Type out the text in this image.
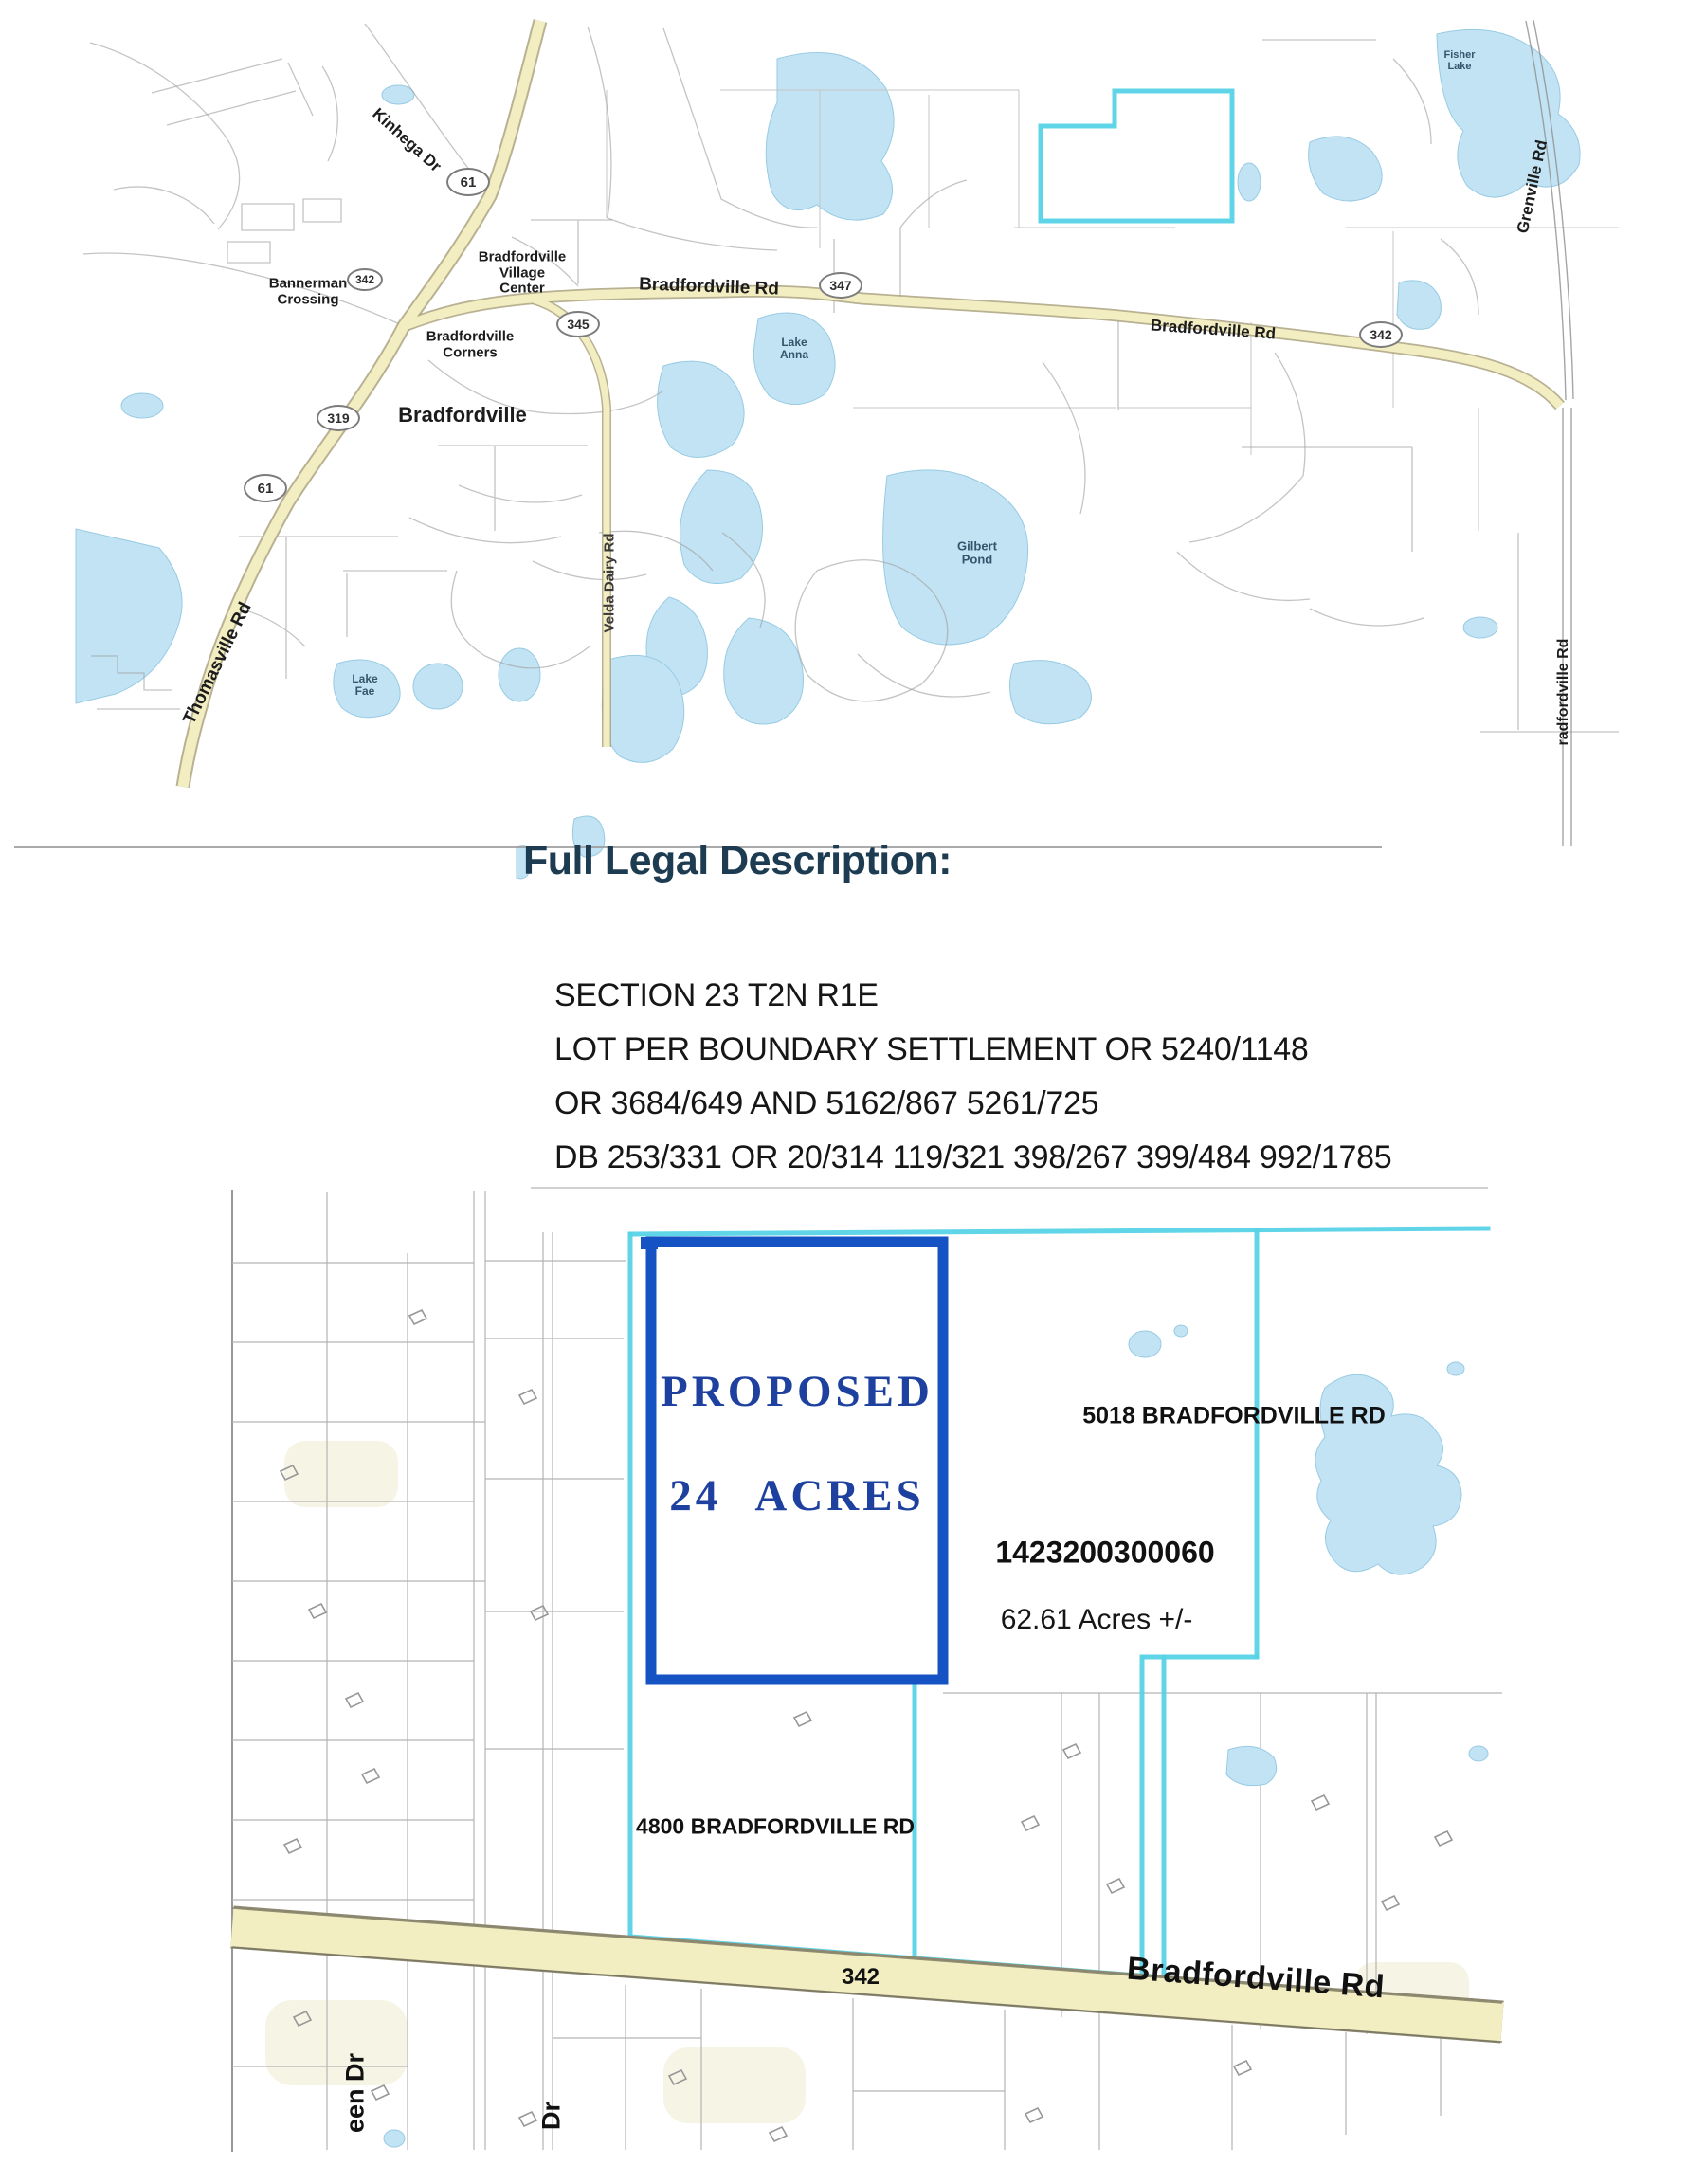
Kinhega Dr
61
Bradfordville
Village
Center
Bannerman
Crossing
342	Bradfordville Rd	347
Bradfordville
Corners
345
Bradfordville
319
61
Thomasville Rd
Velda Dairy Rd
Lake
Anna
Gilbert
Pond
Lake
Fae
Fisher
Lake
Grenville Rd
Bradfordville Rd	342
radfordville Rd
Full Legal Description:
SECTION 23 T2N R1E
LOT PER BOUNDARY SETTLEMENT OR 5240/1148
OR 3684/649 AND 5162/867 5261/725
DB 253/331 OR 20/314 119/321 398/267 399/484 992/1785
PROPOSED
24 ACRES
5018 BRADFORDVILLE RD
1423200300060
62.61 Acres +/-
4800 BRADFORDVILLE RD
342	Bradfordville Rd
een Dr	Dr
